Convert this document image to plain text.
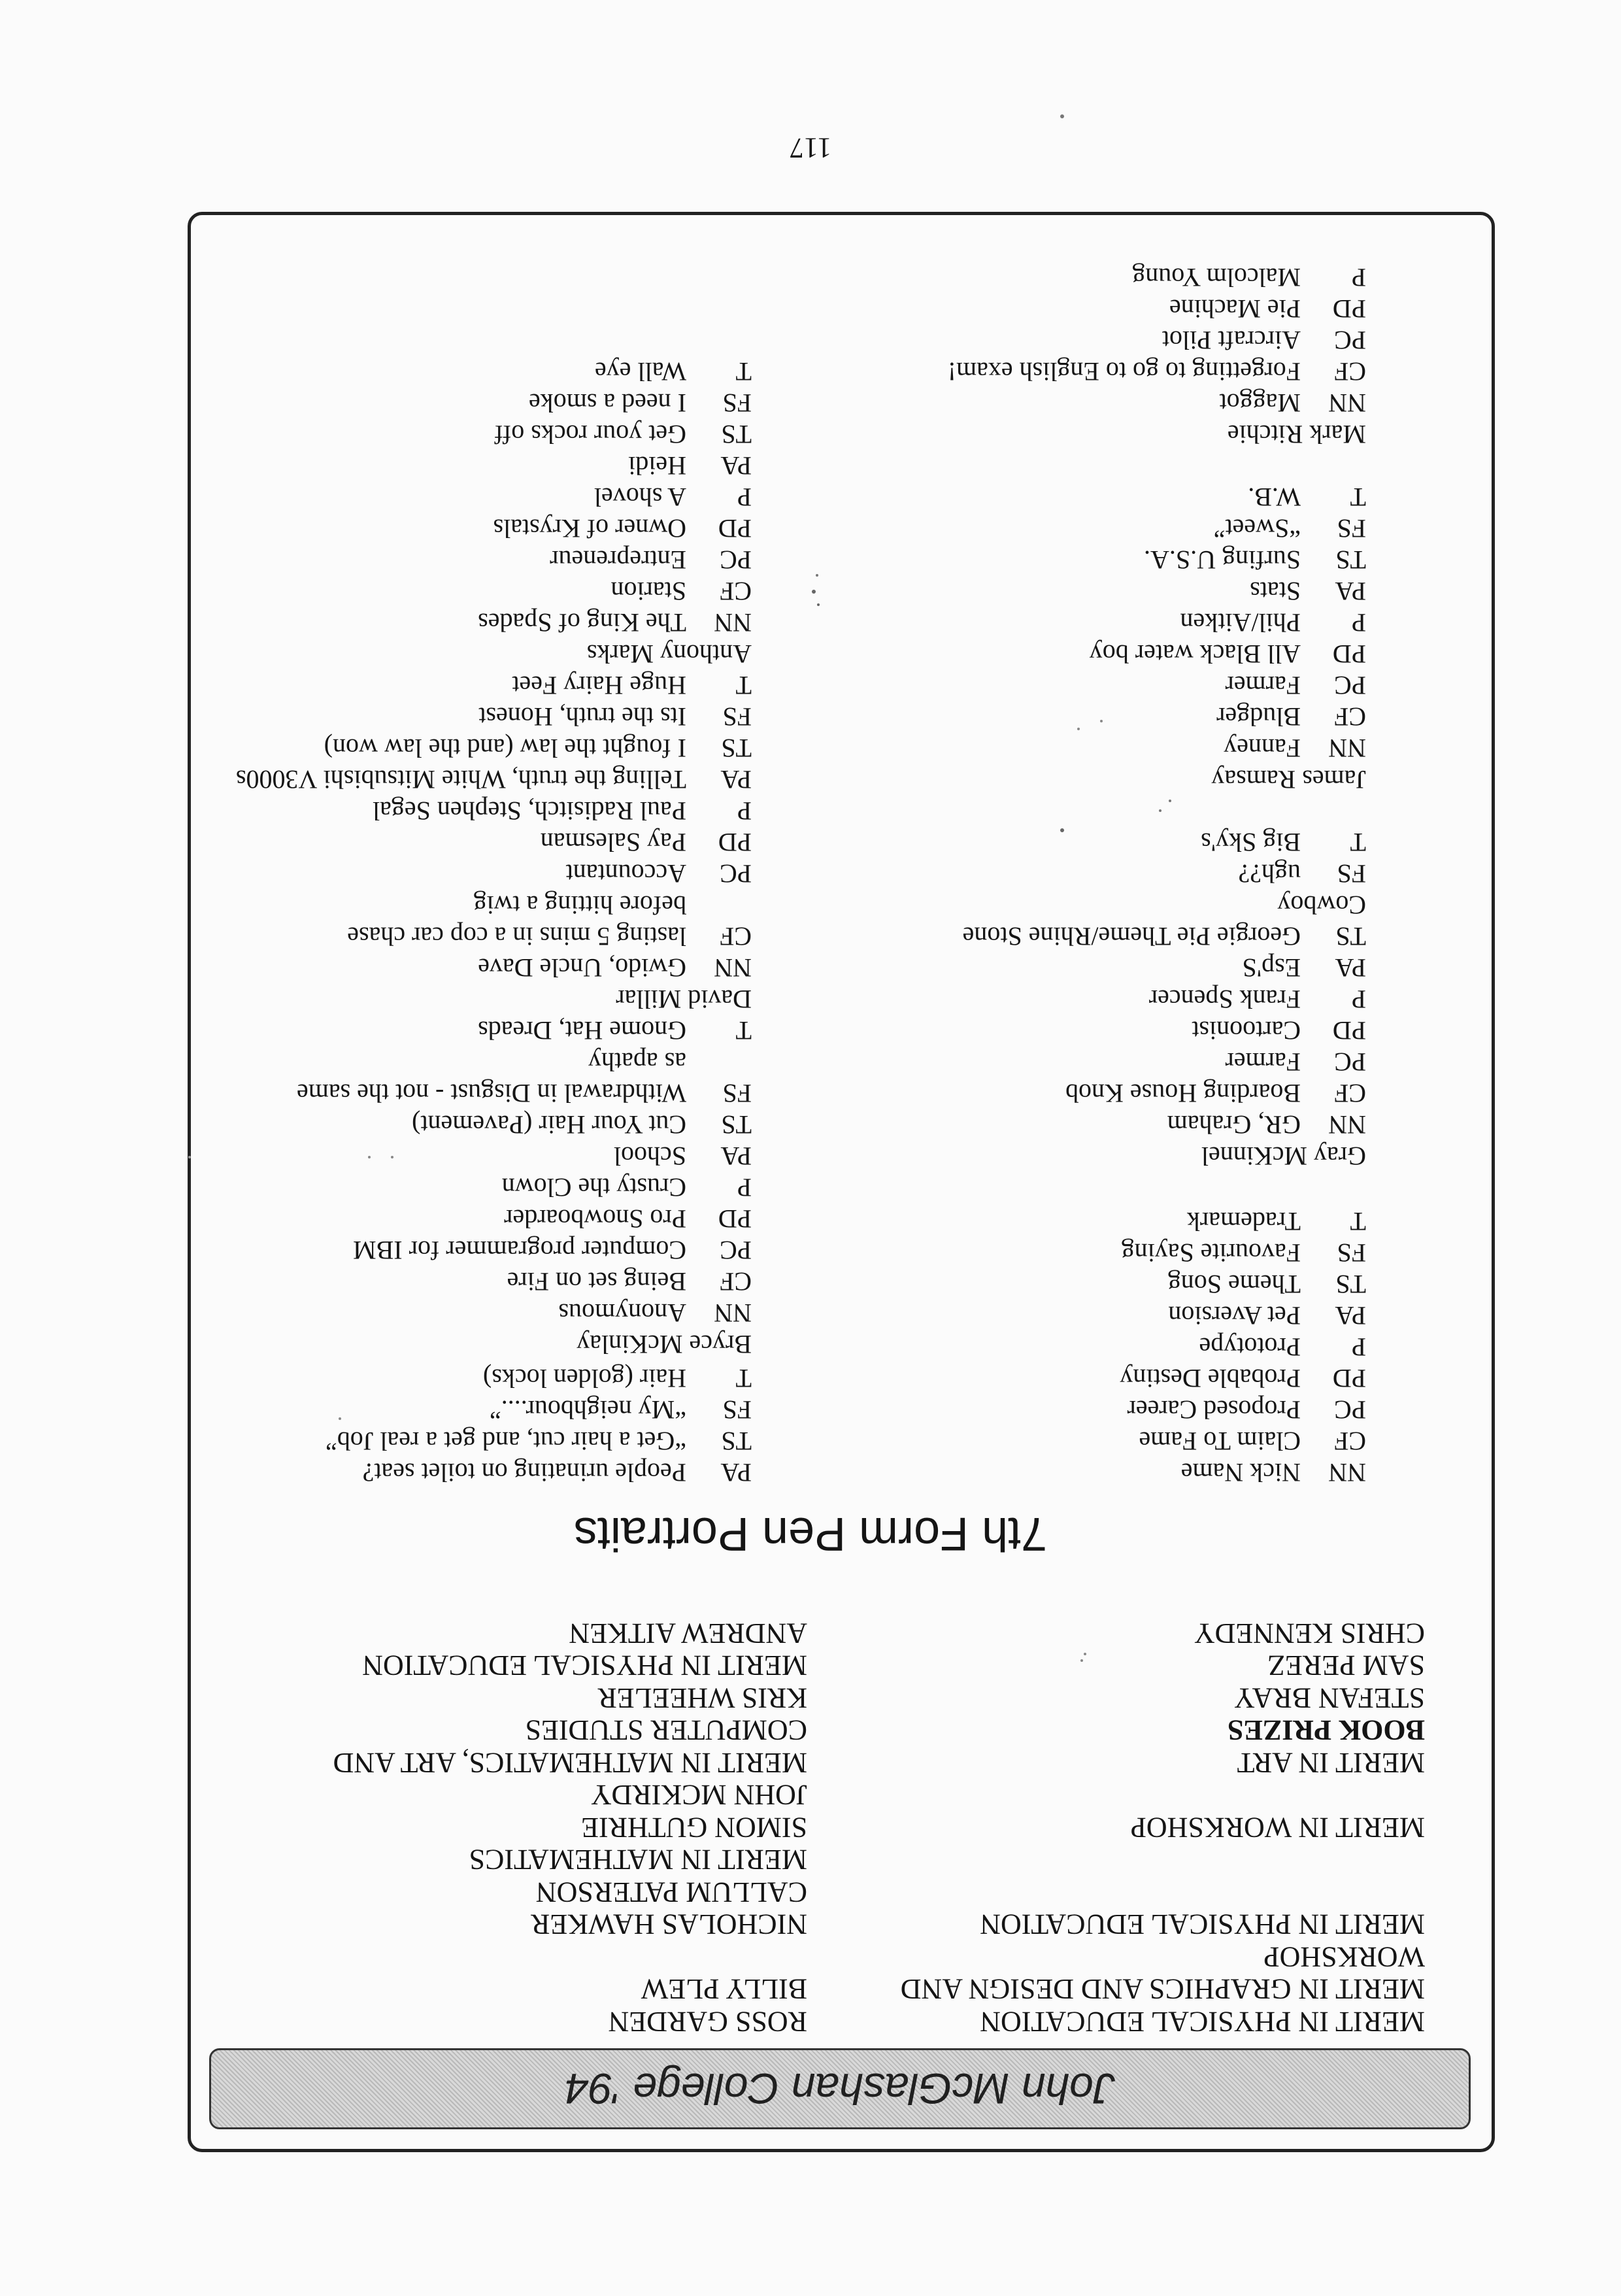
John McGlashan College '94
MERIT IN PHYSICAL EDUCATION
MERIT IN GRAPHICS AND DESIGN AND
WORKSHOP
MERIT IN PHYSICAL EDUCATION
MERIT IN WORKSHOP
MERIT IN ART
BOOK PRIZES
STEFAN BRAY
SAM PEREZ
CHRIS KENNEDY
ROSS GARDEN
BILLY PLEW
NICHOLAS HAWKER
CALLUM PATERSON
MERIT IN MATHEMATICS
SIMON GUTHRIE
JOHN MCKIRDY
MERIT IN MATHEMATICS, ART AND
COMPUTER STUDIES
KRIS WHEELER
MERIT IN PHYSICAL EDUCATION
ANDREW AITKEN
7th Form Pen Portraits
NN
Nick Name
CF
Claim To Fame
PC
Proposed Career
PD
Probable Destiny
P
Prototype
PA
Pet Aversion
TS
Theme Song
FS
Favourite Saying
T
Trademark
Gray McKinnel
NN
GR, Graham
CF
Boarding House Knob
PC
Farmer
PD
Cartoonist
P
Frank Spencer
PA
Esp'S
TS
Georgie Pie Theme/Rhine Stone
Cowboy
FS
ugh??
T
Big Sky's
James Ramsay
NN
Fanney
CF
Bludger
PC
Farmer
PD
All Black water boy
P
Phil/Aitken
PA
Stats
TS
Surfing U.S.A.
FS
“Sweet”
T
W.B.
Mark Ritchie
NN
Maggot
CF
Forgetting to go to English exam!
PC
Aircraft Pilot
PD
Pie Machine
P
Malcolm Young
PA
People urinating on toilet seat?
TS
“Get a hair cut, and get a real Job”
FS
“My neighbour....”
T
Hair (golden locks)
Bryce McKinlay
NN
Anonymous
CF
Being set on Fire
PC
Computer programmer for IBM
PD
Pro Snowboarder
P
Crusty the Clown
PA
School
TS
Cut Your Hair (Pavement)
FS
Withdrawal in Disgust - not the same
as apathy
T
Gnome Hat, Dreads
David Millar
NN
Gwido, Uncle Dave
CF
lasting 5 mins in a cop car chase
before hitting a twig
PC
Accountant
PD
Pay Salesman
P
Paul Radisitch, Stephen Segal
PA
Telling the truth, White Mitsubishi V3000s
TS
I fought the law (and the law won)
FS
Its the truth, Honest
T
Huge Hairy Feet
Anthony Marks
NN
The King of Spades
CF
Starion
PC
Entrepreneur
PD
Owner of Krystals
P
A shovel
PA
Heidi
TS
Get your rocks off
FS
I need a smoke
T
Wall eye
117
